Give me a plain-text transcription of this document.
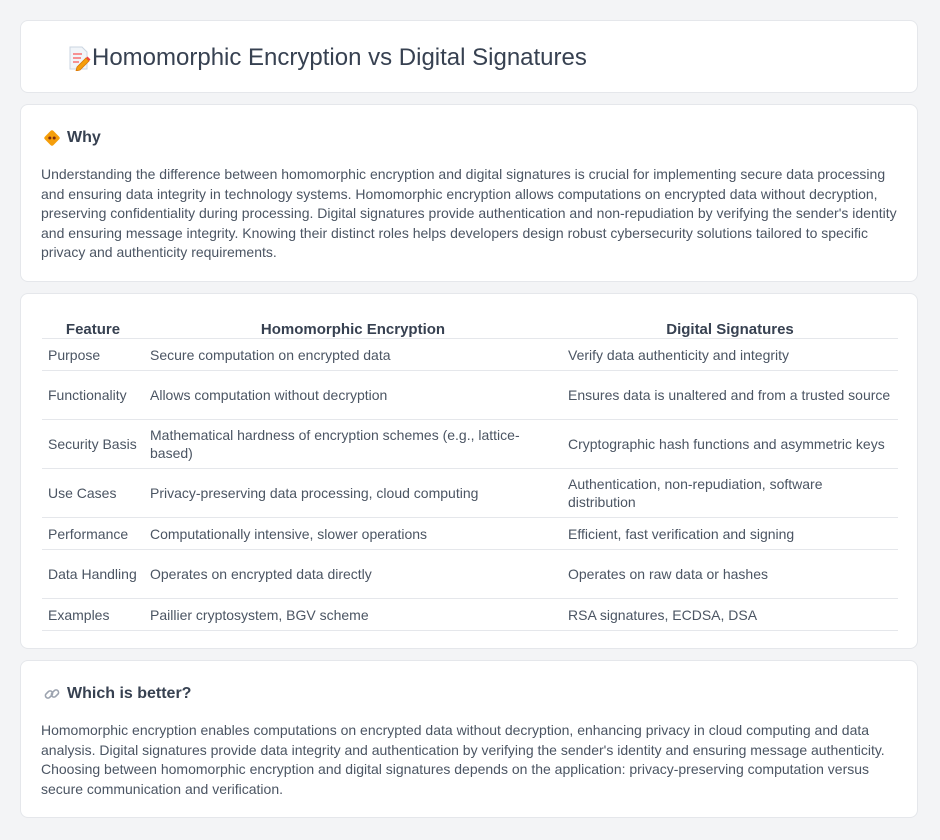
Homomorphic Encryption vs Digital Signatures
Why

Understanding the difference between homomorphic encryption and digital signatures is crucial for implementing secure data processing and ensuring data integrity in technology systems. Homomorphic encryption allows computations on encrypted data without decryption, preserving confidentiality during processing. Digital signatures provide authentication and non-repudiation by verifying the sender's identity and ensuring message integrity. Knowing their distinct roles helps developers design robust cybersecurity solutions tailored to specific privacy and authenticity requirements.

Feature	Homomorphic Encryption	Digital Signatures
Purpose	Secure computation on encrypted data	Verify data authenticity and integrity
Functionality	Allows computation without decryption	Ensures data is unaltered and from a trusted source
Security Basis	Mathematical hardness of encryption schemes (e.g., lattice-based)	Cryptographic hash functions and asymmetric keys
Use Cases	Privacy-preserving data processing, cloud computing	Authentication, non-repudiation, software distribution
Performance	Computationally intensive, slower operations	Efficient, fast verification and signing
Data Handling	Operates on encrypted data directly	Operates on raw data or hashes
Examples	Paillier cryptosystem, BGV scheme	RSA signatures, ECDSA, DSA
Which is better?

Homomorphic encryption enables computations on encrypted data without decryption, enhancing privacy in cloud computing and data analysis. Digital signatures provide data integrity and authentication by verifying the sender's identity and ensuring message authenticity. Choosing between homomorphic encryption and digital signatures depends on the application: privacy-preserving computation versus secure communication and verification.
